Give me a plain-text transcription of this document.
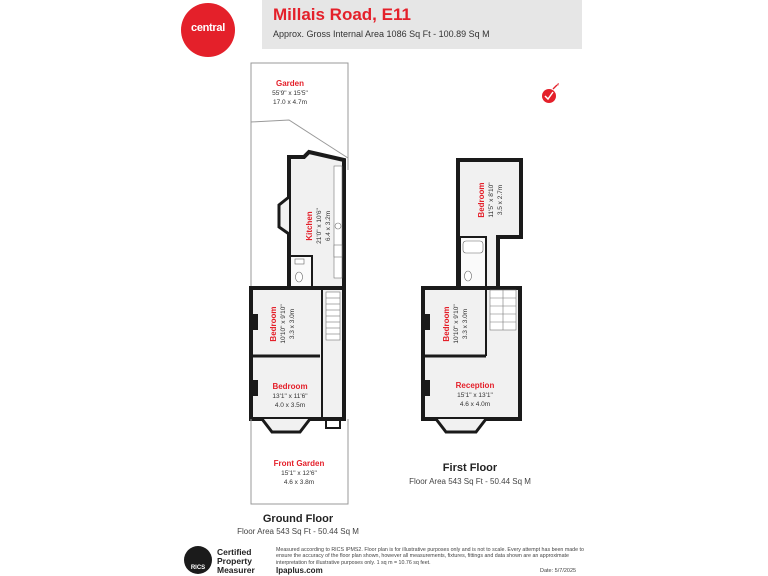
central
Millais Road, E11
Approx. Gross Internal Area 1086 Sq Ft - 100.89 Sq M
Garden
55'9" x 15'5"
17.0 x 4.7m
Kitchen 21'0" x 10'6" 6.4 x 3.2m
Bedroom 10'10" x 9'10" 3.3 x 3.0m
Bedroom
13'1" x 11'6"
4.0 x 3.5m
Front Garden
15'1" x 12'6"
4.6 x 3.8m
Bedroom 11'5" x 8'10" 3.5 x 2.7m
Bedroom 10'10" x 9'10" 3.3 x 3.0m
Reception
15'1" x 13'1"
4.6 x 4.0m
Ground Floor
Floor Area 543 Sq Ft - 50.44 Sq M
First Floor
Floor Area 543 Sq Ft - 50.44 Sq M
RICS
Certified
Property
Measurer
Measured according to RICS IPMS2. Floor plan is for illustrative purposes only and is not to scale. Every attempt has been made to ensure the accuracy of the floor plan shown, however all measurements, fixtures, fittings and data shown are an approximate interpretation for illustrative purposes only. 1 sq m = 10.76 sq feet.
lpaplus.com	Date: 5/7/2025
